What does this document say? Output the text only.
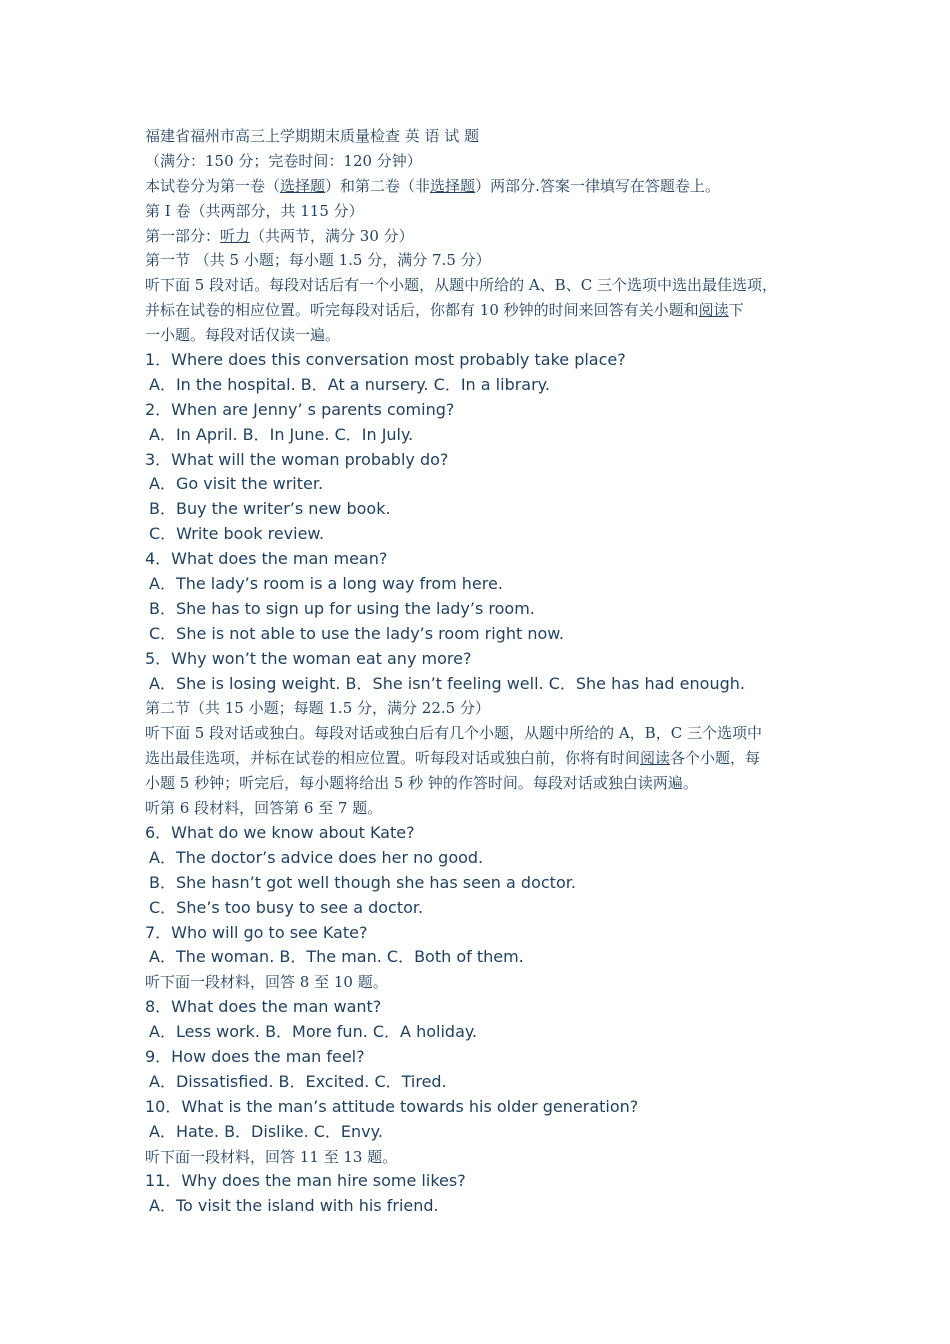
福建省福州市高三上学期期末质量检查 英 语 试 题
（满分：150 分；完卷时间：120 分钟）
本试卷分为第一卷（选择题）和第二卷（非选择题）两部分.答案一律填写在答题卷上。
第 I 卷（共两部分，共 115 分）
第一部分：听力（共两节，满分 30 分）
第一节 （共 5 小题；每小题 1.5 分，满分 7.5 分）
听下面 5 段对话。每段对话后有一个小题，从题中所给的 A、B、C 三个选项中选出最佳选项，
并标在试卷的相应位置。听完每段对话后，你都有 10 秒钟的时间来回答有关小题和阅读下
一小题。每段对话仅读一遍。
1．Where does this conversation most probably take place?
A．In the hospital. B．At a nursery. C．In a library.
2．When are Jenny’ s parents coming?
A．In April. B．In June. C．In July.
3．What will the woman probably do?
A．Go visit the writer.
B．Buy the writer’s new book.
C．Write book review.
4．What does the man mean?
A．The lady’s room is a long way from here.
B．She has to sign up for using the lady’s room.
C．She is not able to use the lady’s room right now.
5．Why won’t the woman eat any more?
A．She is losing weight. B．She isn’t feeling well. C．She has had enough.
第二节（共 15 小题；每题 1.5 分，满分 22.5 分）
听下面 5 段对话或独白。每段对话或独白后有几个小题，从题中所给的 A，B，C 三个选项中
选出最佳选项，并标在试卷的相应位置。听每段对话或独白前，你将有时间阅读各个小题，每
小题 5 秒钟；听完后，每小题将给出 5 秒 钟的作答时间。每段对话或独白读两遍。
听第 6 段材料，回答第 6 至 7 题。
6．What do we know about Kate?
A．The doctor’s advice does her no good.
B．She hasn’t got well though she has seen a doctor.
C．She’s too busy to see a doctor.
7．Who will go to see Kate?
A．The woman. B．The man. C．Both of them.
听下面一段材料，回答 8 至 10 题。
8．What does the man want?
A．Less work. B．More fun. C．A holiday.
9．How does the man feel?
A．Dissatisfied. B．Excited. C．Tired.
10．What is the man’s attitude towards his older generation?
A．Hate. B．Dislike. C．Envy.
听下面一段材料，回答 11 至 13 题。
11．Why does the man hire some likes?
A．To visit the island with his friend.
